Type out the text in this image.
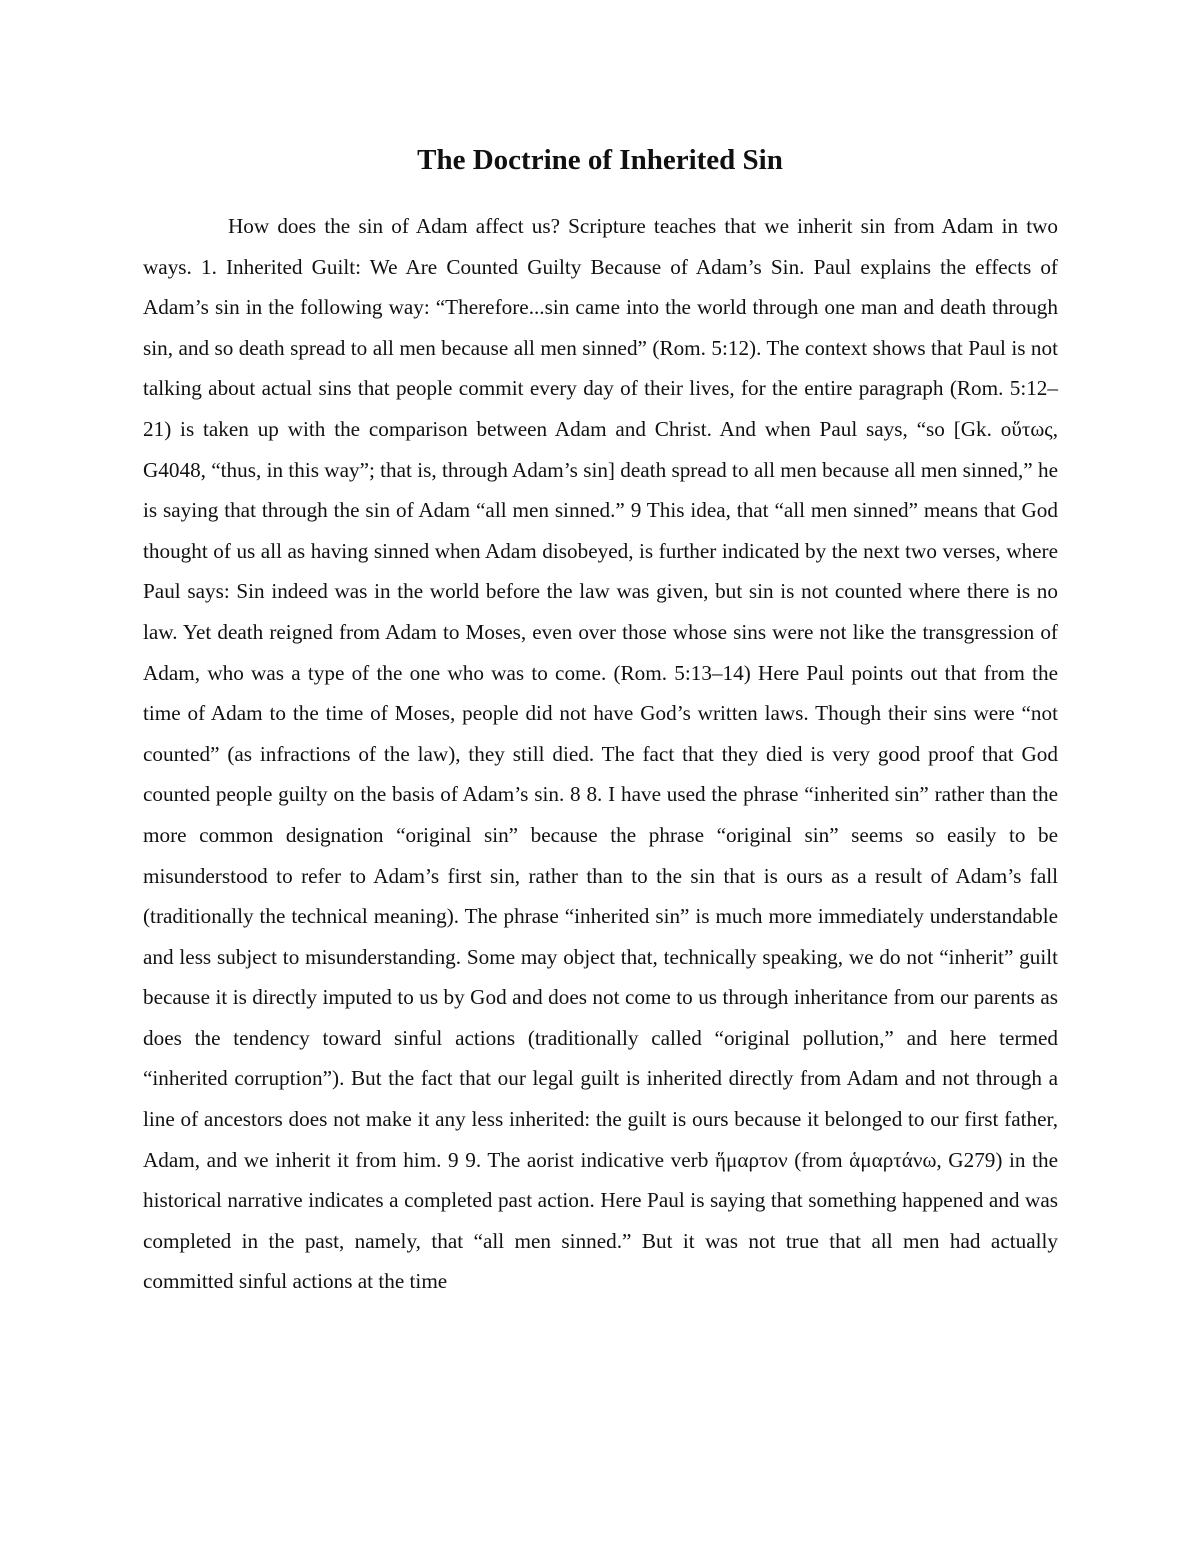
The Doctrine of Inherited Sin

How does the sin of Adam affect us? Scripture teaches that we inherit sin from Adam in two ways. 1. Inherited Guilt: We Are Counted Guilty Because of Adam’s Sin. Paul explains the effects of Adam’s sin in the following way: “Therefore...sin came into the world through one man and death through sin, and so death spread to all men because all men sinned” (Rom. 5:12). The context shows that Paul is not talking about actual sins that people commit every day of their lives, for the entire paragraph (Rom. 5:12–21) is taken up with the comparison between Adam and Christ. And when Paul says, “so [Gk. οὕτως, G4048, “thus, in this way”; that is, through Adam’s sin] death spread to all men because all men sinned,” he is saying that through the sin of Adam “all men sinned.” 9 This idea, that “all men sinned” means that God thought of us all as having sinned when Adam disobeyed, is further indicated by the next two verses, where Paul says: Sin indeed was in the world before the law was given, but sin is not counted where there is no law. Yet death reigned from Adam to Moses, even over those whose sins were not like the transgression of Adam, who was a type of the one who was to come. (Rom. 5:13–14) Here Paul points out that from the time of Adam to the time of Moses, people did not have God’s written laws. Though their sins were “not counted” (as infractions of the law), they still died. The fact that they died is very good proof that God counted people guilty on the basis of Adam’s sin. 8 8. I have used the phrase “inherited sin” rather than the more common designation “original sin” because the phrase “original sin” seems so easily to be misunderstood to refer to Adam’s first sin, rather than to the sin that is ours as a result of Adam’s fall (traditionally the technical meaning). The phrase “inherited sin” is much more immediately understandable and less subject to misunderstanding. Some may object that, technically speaking, we do not “inherit” guilt because it is directly imputed to us by God and does not come to us through inheritance from our parents as does the tendency toward sinful actions (traditionally called “original pollution,” and here termed “inherited corruption”). But the fact that our legal guilt is inherited directly from Adam and not through a line of ancestors does not make it any less inherited: the guilt is ours because it belonged to our first father, Adam, and we inherit it from him. 9 9. The aorist indicative verb ἥμαρτον (from ἁμαρτάνω, G279) in the historical narrative indicates a completed past action. Here Paul is saying that something happened and was completed in the past, namely, that “all men sinned.” But it was not true that all men had actually committed sinful actions at the time
